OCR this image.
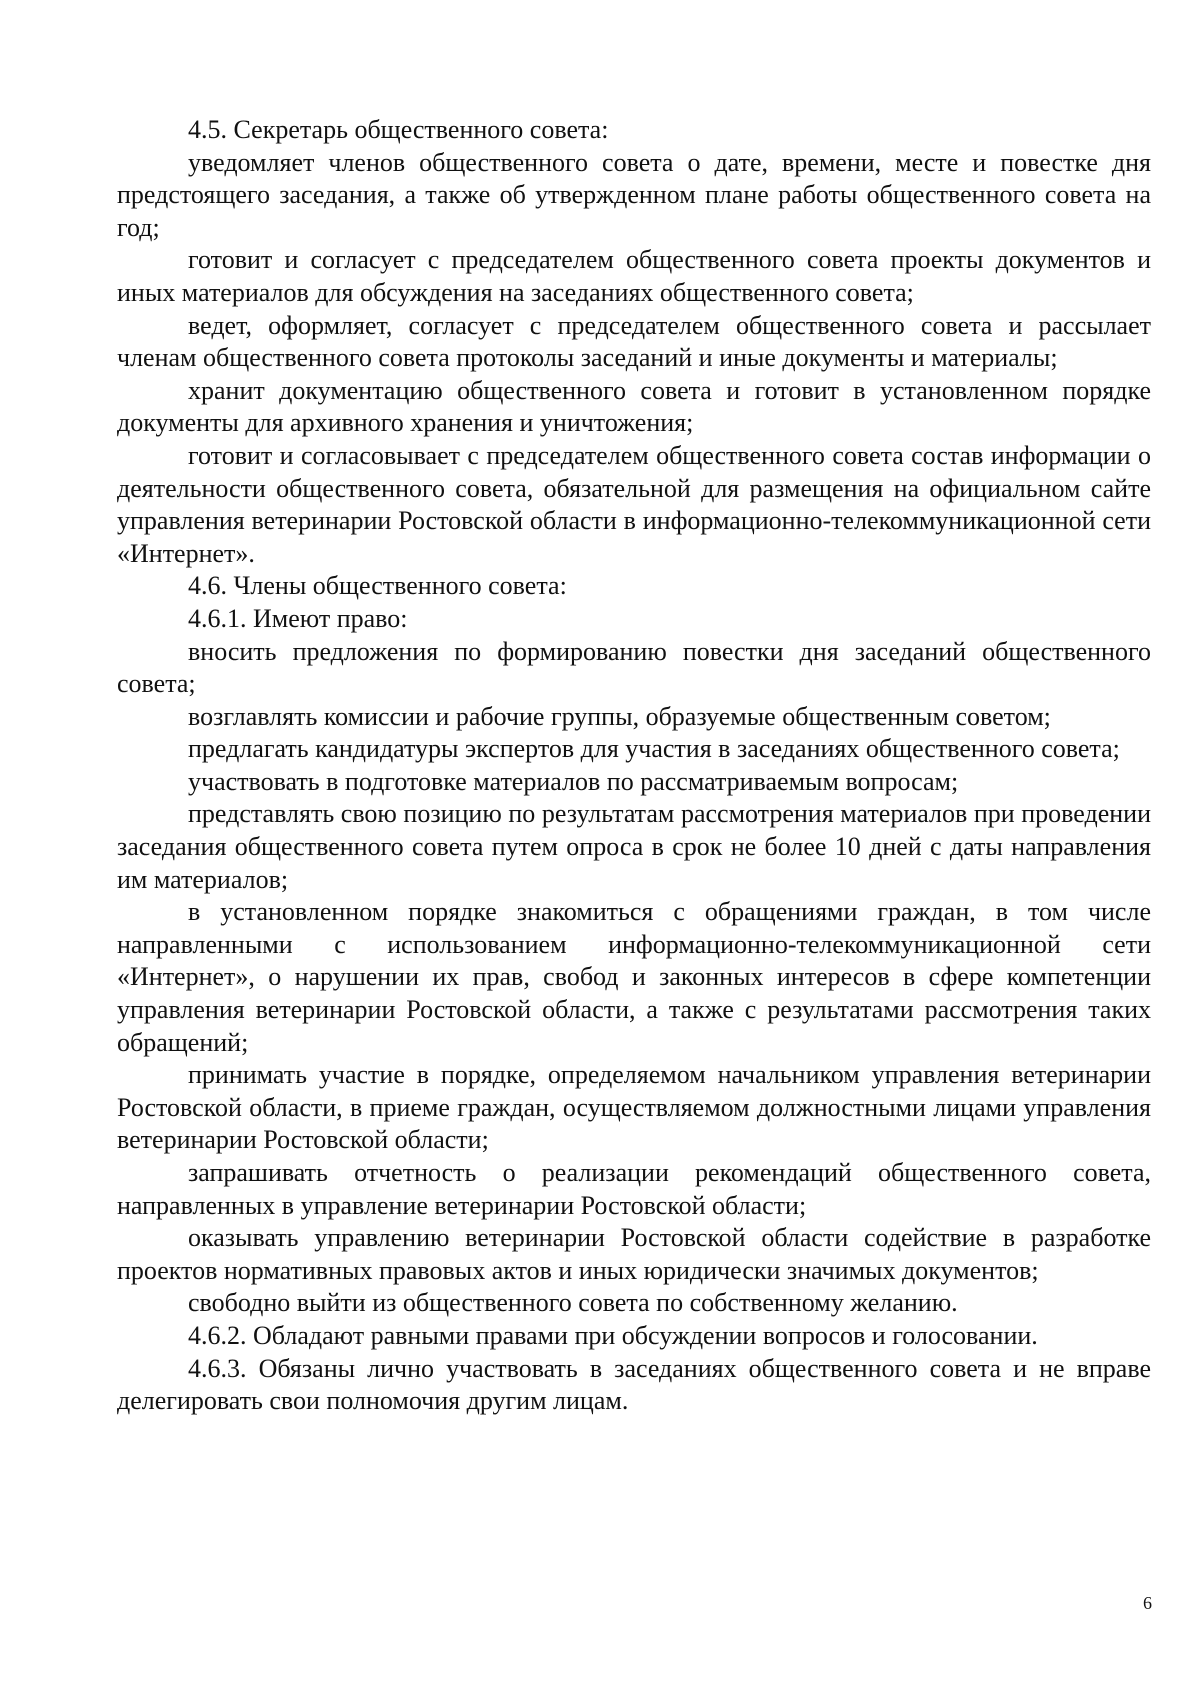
4.5. Секретарь общественного совета:

уведомляет членов общественного совета о дате, времени, месте и повестке дня предстоящего заседания, а также об утвержденном плане работы общественного совета на год;

готовит и согласует с председателем общественного совета проекты документов и иных материалов для обсуждения на заседаниях общественного совета;

ведет, оформляет, согласует с председателем общественного совета и рассылает членам общественного совета протоколы заседаний и иные документы и материалы;

хранит документацию общественного совета и готовит в установленном порядке документы для архивного хранения и уничтожения;

готовит и согласовывает с председателем общественного совета состав информации о деятельности общественного совета, обязательной для размещения на официальном сайте управления ветеринарии Ростовской области в информационно-телекоммуникационной сети «Интернет».

4.6. Члены общественного совета:

4.6.1. Имеют право:

вносить предложения по формированию повестки дня заседаний общественного совета;

возглавлять комиссии и рабочие группы, образуемые общественным советом;

предлагать кандидатуры экспертов для участия в заседаниях общественного совета;

участвовать в подготовке материалов по рассматриваемым вопросам;

представлять свою позицию по результатам рассмотрения материалов при проведении заседания общественного совета путем опроса в срок не более 10 дней с даты направления им материалов;

в установленном порядке знакомиться с обращениями граждан, в том числе направленными с использованием информационно-телекоммуникационной сети «Интернет», о нарушении их прав, свобод и законных интересов в сфере компетенции управления ветеринарии Ростовской области, а также с результатами рассмотрения таких обращений;

принимать участие в порядке, определяемом начальником управления ветеринарии Ростовской области, в приеме граждан, осуществляемом должностными лицами управления ветеринарии Ростовской области;

запрашивать отчетность о реализации рекомендаций общественного совета, направленных в управление ветеринарии Ростовской области;

оказывать управлению ветеринарии Ростовской области содействие в разработке проектов нормативных правовых актов и иных юридически значимых документов;

свободно выйти из общественного совета по собственному желанию.

4.6.2. Обладают равными правами при обсуждении вопросов и голосовании.

4.6.3. Обязаны лично участвовать в заседаниях общественного совета и не вправе делегировать свои полномочия другим лицам.

6
